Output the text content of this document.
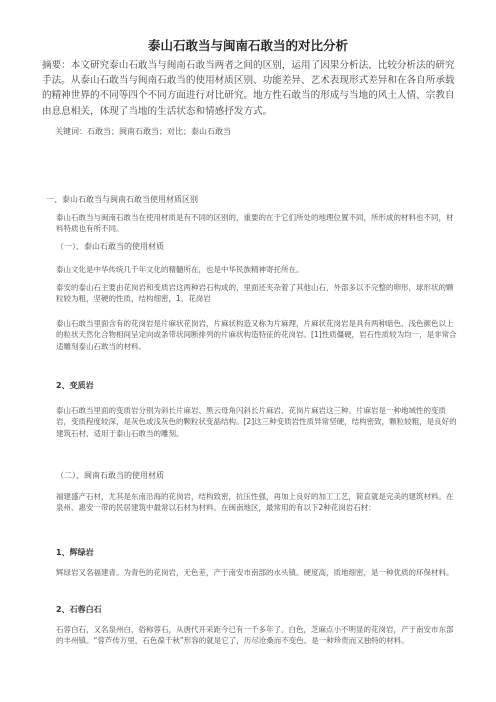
泰山石敢当与闽南石敢当的对比分析
摘要：本文研究泰山石敢当与闽南石敢当两者之间的区别，运用了因果分析法、比较分析法的研究手法。从泰山石敢当与闽南石敢当的使用材质区别、功能差异、艺术表现形式差异和在各自所承载的精神世界的不同等四个不同方面进行对比研究。地方性石敢当的形成与当地的风土人情、宗教自由息息相关，体现了当地的生活状态和情感抒发方式。
关键词：石敢当；闽南石敢当；对比；泰山石敢当
一、泰山石敢当与闽南石敢当使用材质区别

泰山石敢当与闽南石敢当在使用材质是有不同的区别的，重要的在于它们所处的地理位置不同，所形成的材料也不同，材料特质也有所不同。

（一）、泰山石敢当的使用材质

泰山文化是中华传统几千年文化的精髓所在，也是中华民族精神寄托所在。

泰安的泰山石主要由花岗岩和变质岩这两种岩石构成的，里面还夹杂着了其他山石，外部多以不完整的卵形，球形状的颗粒较为粗，坚硬的性质，结构细密，1、花岗岩

泰山石敢当里面含有的花岗岩是片麻状花岗岩，片麻状构造又称为片麻理，片麻状花岗岩是具有两种暗色、浅色颜色以上的粒状天然化合物相间呈定向或条带状间断排列的片麻状构造特征的花岗岩。[1]性质僵硬，岩石性质较为均一，是非常合适雕刻泰山石敢当的材料。

2、变质岩

泰山石敢当里面的变质岩分别为斜长片麻岩、黑云母角闪斜长片麻岩、花岗片麻岩这三种。片麻岩是一种地域性的变质岩，变质程度较深，是灰色或浅灰色的颗粒状变晶结构。[2]这三种变质岩性质异常坚硬，结构密致，颗粒较粗，是良好的建筑石材，适用于泰山石敢当的雕刻。

（二）、闽南石敢当的使用材质

福建盛产石材，尤其是东南沿海的花岗岩，结构致密，抗压性强，再加上良好的加工工艺，简直就是完美的建筑材料。在泉州、惠安一带的民居建筑中最常以石材为材料。在闽南地区，最常用的有以下2种花岗岩石材：

1、辉绿岩

辉绿岩又名福建青。为青色的花岗岩，无色差，产于南安市南部的水头镇。硬度高，质地细密，是一种优质的环保材料。

2、石蓉白石

石蓉白石，又名泉州白，俗称蓉石，从唐代开采距今已有一千多年了。白色，芝麻点小不明显的花岗岩，产于南安市东部的丰州镇。“蓉芦传万里，石色葆千秋”形容的就是它了，历尽沧桑而不变色。是一种珍贵而又独特的材料。
